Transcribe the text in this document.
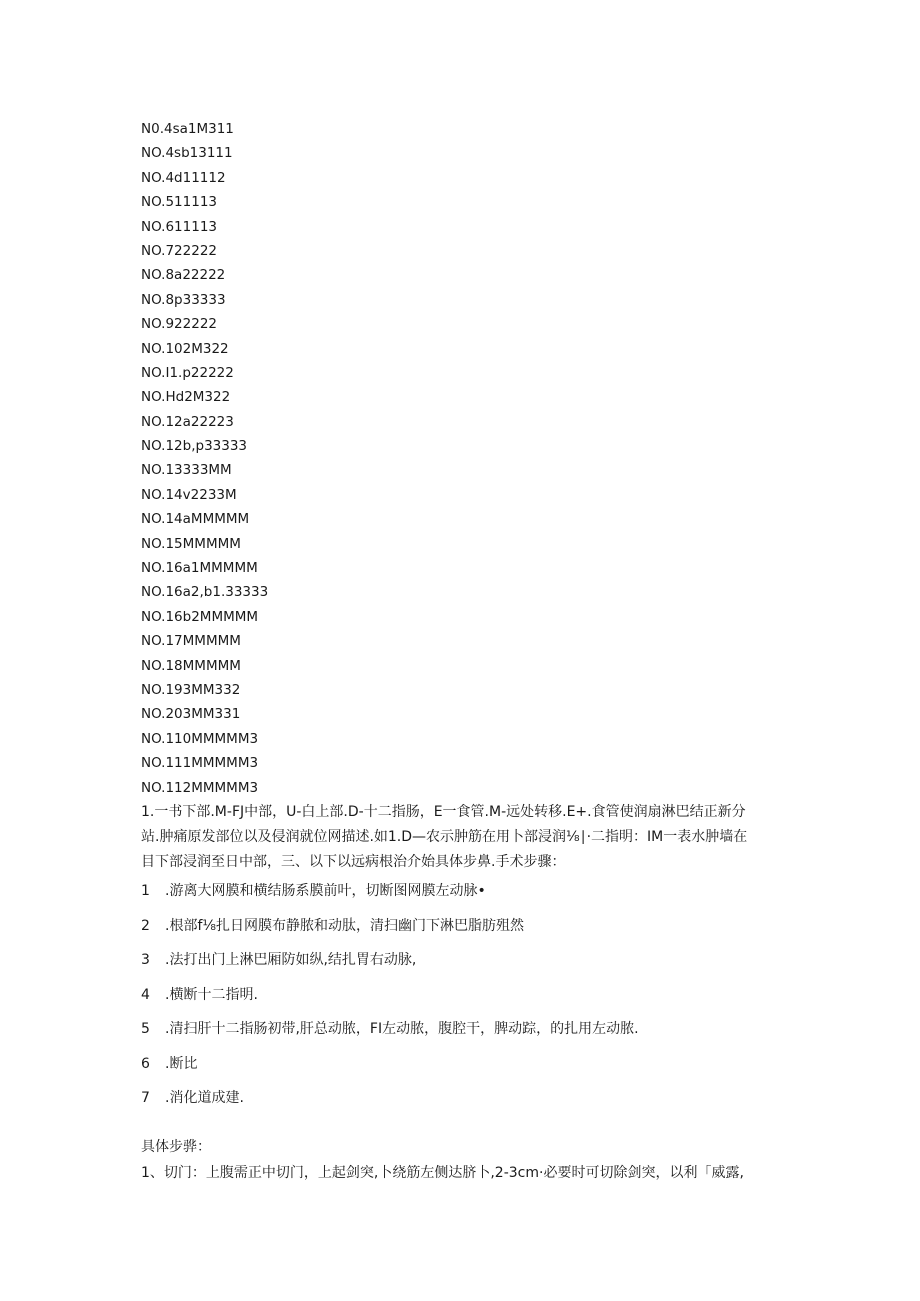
N0.4sa1M311
NO.4sb13111
NO.4d11112
NO.511113
NO.611113
NO.722222
NO.8a22222
NO.8p33333
NO.922222
NO.102M322
NO.I1.p22222
NO.Hd2M322
NO.12a22223
NO.12b,p33333
NO.13333MM
NO.14v2233M
NO.14aMMMMM
NO.15MMMMM
NO.16a1MMMMM
NO.16a2,b1.33333
NO.16b2MMMMM
NO.17MMMMM
NO.18MMMMM
NO.193MM332
NO.203MM331
NO.110MMMMM3
NO.111MMMMM3
NO.112MMMMM3

1.一书下部.M-FJ中部，U-白上部.D-十二指肠，E一食管.M-远处转移.E+.食管使润扇淋巴结正新分
站.肿痛原发部位以及侵润就位网描述.如1.D—农示肿筋在用卜部浸润⅛∣·二指明：IM一表水肿墙在
目下部浸润至日中部，三、以下以远病根治介始具体步鼻.手术步骤：

1 .游离大网膜和横结肠系膜前叶，切断图网膜左动脉•
2 .根部f⅛扎日网膜布静脓和动肽，清扫幽门下淋巴脂肪殂然
3 .法打出门上淋巴厢防如纵,结扎胃右动脉,
4 .横断十二指明.
5 .清扫肝十二指肠初带,肝总动脓，FI左动脓，腹腔干，脾动踪，的扎用左动脓.
6 .断比
7 .消化道成建.
具体步骅：

1、切门：上腹需正中切门，上起剑突,卜绕筋左侧达脐卜,2-3cm·必要时可切除剑突，以利「威露,
